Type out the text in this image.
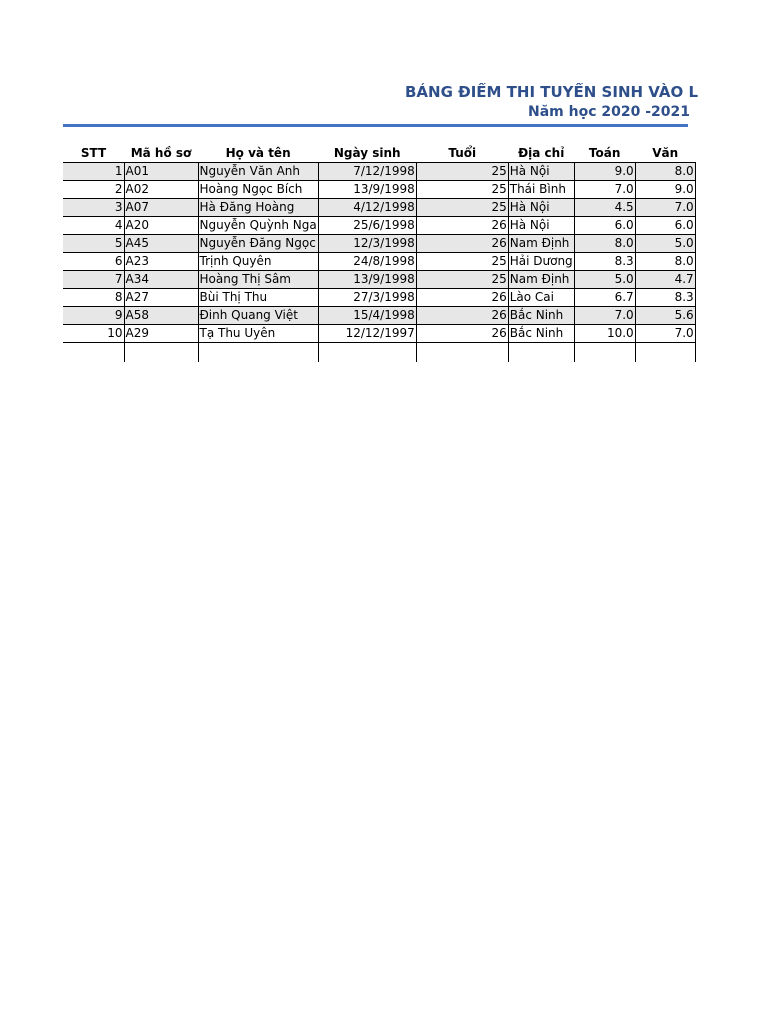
BẢNG ĐIỂM THI TUYỂN SINH VÀO L
Năm học 2020 -2021
STT	Mã hồ sơ	Họ và tên	Ngày sinh	Tuổi	Địa chỉ	Toán	Văn
1	A01	Nguyễn Văn Anh	7/12/1998	25	Hà Nội	9.0	8.0
2	A02	Hoàng Ngọc Bích	13/9/1998	25	Thái Bình	7.0	9.0
3	A07	Hà Đăng Hoàng	4/12/1998	25	Hà Nội	4.5	7.0
4	A20	Nguyễn Quỳnh Nga	25/6/1998	26	Hà Nội	6.0	6.0
5	A45	Nguyễn Đăng Ngọc	12/3/1998	26	Nam Định	8.0	5.0
6	A23	Trịnh Quyên	24/8/1998	25	Hải Dương	8.3	8.0
7	A34	Hoàng Thị Sâm	13/9/1998	25	Nam Định	5.0	4.7
8	A27	Bùi Thị Thu	27/3/1998	26	Lào Cai	6.7	8.3
9	A58	Đinh Quang Việt	15/4/1998	26	Bắc Ninh	7.0	5.6
10	A29	Tạ Thu Uyên	12/12/1997	26	Bắc Ninh	10.0	7.0
